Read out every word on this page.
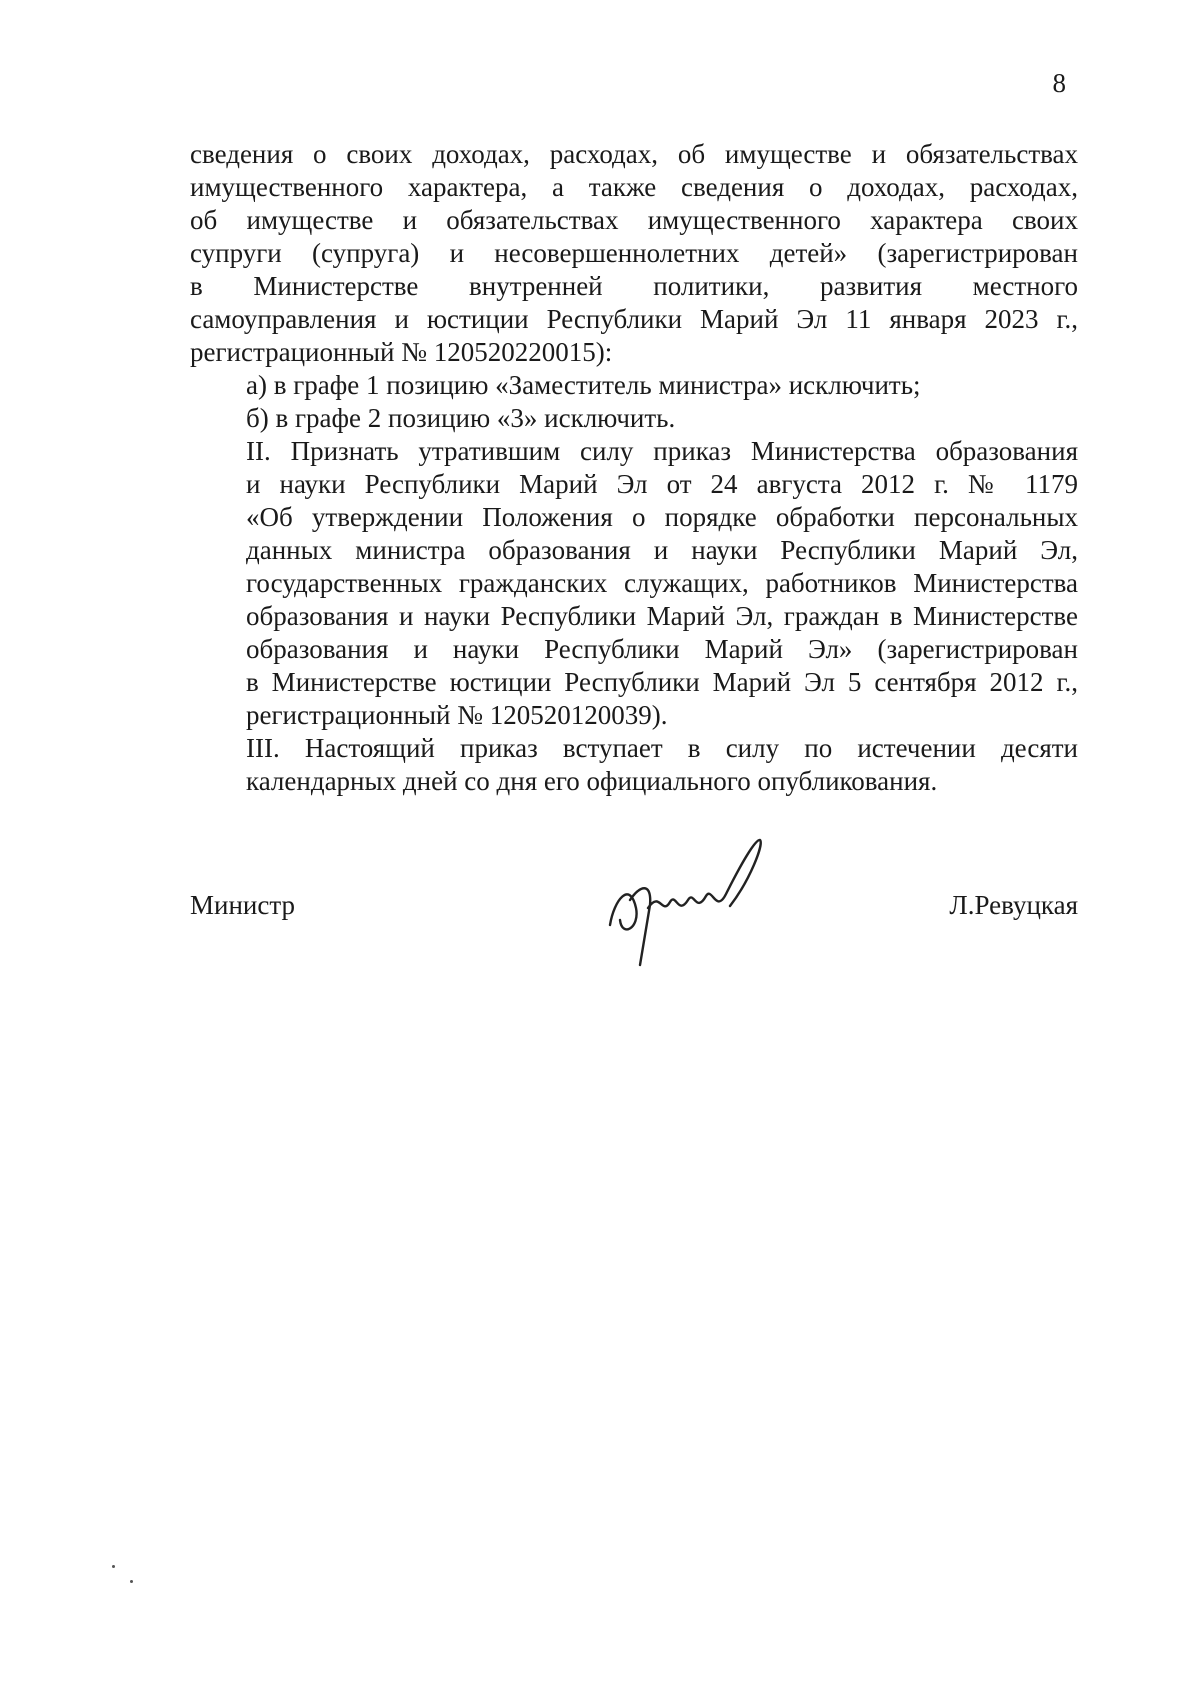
8

сведения о своих доходах, расходах, об имуществе и обязательствах
имущественного характера, а также сведения о доходах, расходах,
об имуществе и обязательствах имущественного характера своих
супруги (супруга) и несовершеннолетних детей» (зарегистрирован
в Министерстве внутренней политики, развития местного
самоуправления и юстиции Республики Марий Эл 11 января 2023 г.,
регистрационный № 120520220015):

а) в графе 1 позицию «Заместитель министра» исключить;

б) в графе 2 позицию «3» исключить.

II. Признать утратившим силу приказ Министерства образования
и науки Республики Марий Эл от 24 августа 2012 г. № 1179
«Об утверждении Положения о порядке обработки персональных
данных министра образования и науки Республики Марий Эл,
государственных гражданских служащих, работников Министерства
образования и науки Республики Марий Эл, граждан в Министерстве
образования и науки Республики Марий Эл» (зарегистрирован
в Министерстве юстиции Республики Марий Эл 5 сентября 2012 г.,
регистрационный № 120520120039).

III. Настоящий приказ вступает в силу по истечении десяти
календарных дней со дня его официального опубликования.

Министр	Л.Ревуцкая
